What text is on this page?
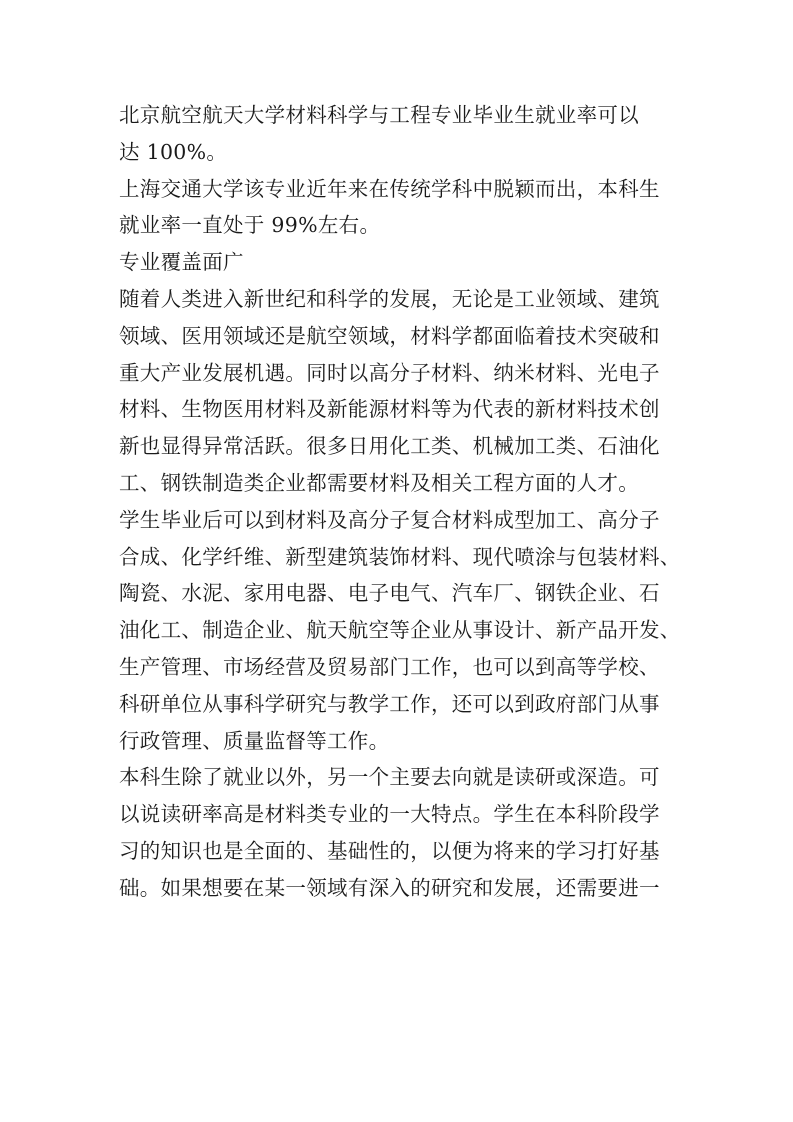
北京航空航天大学材料科学与工程专业毕业生就业率可以
达 100%。
上海交通大学该专业近年来在传统学科中脱颖而出，本科生
就业率一直处于 99%左右。
专业覆盖面广
随着人类进入新世纪和科学的发展，无论是工业领域、建筑
领域、医用领域还是航空领域，材料学都面临着技术突破和
重大产业发展机遇。同时以高分子材料、纳米材料、光电子
材料、生物医用材料及新能源材料等为代表的新材料技术创
新也显得异常活跃。很多日用化工类、机械加工类、石油化
工、钢铁制造类企业都需要材料及相关工程方面的人才。
学生毕业后可以到材料及高分子复合材料成型加工、高分子
合成、化学纤维、新型建筑装饰材料、现代喷涂与包装材料、
陶瓷、水泥、家用电器、电子电气、汽车厂、钢铁企业、石
油化工、制造企业、航天航空等企业从事设计、新产品开发、
生产管理、市场经营及贸易部门工作，也可以到高等学校、
科研单位从事科学研究与教学工作，还可以到政府部门从事
行政管理、质量监督等工作。
本科生除了就业以外，另一个主要去向就是读研或深造。可
以说读研率高是材料类专业的一大特点。学生在本科阶段学
习的知识也是全面的、基础性的，以便为将来的学习打好基
础。如果想要在某一领域有深入的研究和发展，还需要进一
